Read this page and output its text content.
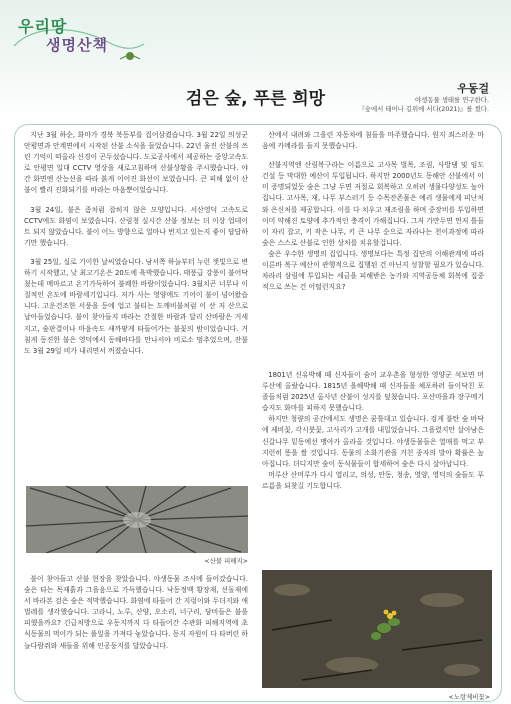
우리땅
생명산책
검은 숲, 푸른 희망
우동걸
야생동물 생태를 연구한다.
『숲에서 태어나 길위에 서다(2021)』를 썼다.

지난 3월 하순, 화마가 경북 북동부를 집어삼켰습니다. 3월 22일 의성군 안평면과 안계면에서 시작된 산불 소식을 들었습니다. 22년 울진 산불의 쓰린 기억이 떠올라 신경이 곤두섰습니다. 도로공사에서 제공하는 중앙고속도로 안평면 일대 CCTV 영상을 새로고침하며 산불상황을 주시했습니다. 야간 화면엔 산능선을 따라 붉게 이어진 화선이 보였습니다. 큰 피해 없이 산불이 빨리 진화되기를 바라는 마음뿐이었습니다.

3월 24일, 불은 좀처럼 잡히지 않은 모양입니다. 서산영덕 고속도로 CCTV에도 화염이 보였습니다. 산림청 실시간 산불 정보는 더 이상 업데이트 되지 않았습니다. 불이 어느 방향으로 얼마나 번지고 있는지 좋이 답답하기만 했습니다.

3월 25일, 실로 기이한 날씨였습니다. 남서쪽 하늘부터 누런 잿빛으로 변하기 시작했고, 낮 최고기온은 20도에 육박했습니다. 태풍급 강풍이 불어닥쳤는데 메마르고 온기가득하여 불쾌한 바람이었습니다. 3월치곤 너무나 이질적인 온도에 바람세기입니다. 저가 사는 영양에도 기어이 불이 넘어왔습니다. 고운건조한 서풍을 등에 업고 불티는 도깨비불처럼 이 산 저 산으로 날아들었습니다. 불이 찾아들지 바라는 간절한 바람과 달리 산바람은 거세지고, 숲판결이나 마음속도 새까맣게 타들어가는 불꽃의 밤이었습니다. 거침게 동진한 불은 영덕에서 동해바다를 만나서야 비로소 멈추었으며, 잔불도 3월 29일 비가 내리면서 꺼졌습니다.

<산불 피해지>

불이 찾아들고 산불 현장을 찾았습니다. 야생동물 조사에 들어갔습니다. 숲은 타는 목재흙과 그을음으로 가득했습니다. 낙동정맥 황장재, 선돌재에서 바라본 검은 숲은 적막했습니다. 화염에 타들어 간 지렁이와 두더지와 애벌레를 생각했습니다. 고라니, 노루, 산양, 오소리, 너구리, 담비들은 불을 피했을까요? 긴급처방으로 우동지까지 다 타들어간 수관화 피해지역에 초식동물의 먹이가 되는 풀잎을 가져다 놓았습니다. 동지 자원이 다 타버린 하늘다람쥐와 새들을 위해 인공둥지를 달았습니다.

산에서 내려와 그을린 자동차에 침들을 마주했습니다. 원지 죄스러운 마음에 카메라를 들지 못했습니다.

산불지역엔 산림복구라는 이름으로 고사목 벌목, 조림, 사방댐 및 임도 건설 등 막대한 예산이 투입됩니다. 하지만 2000년도 동해안 산불에서 이미 증명되었듯 숲은 그냥 두면 저절로 회복하고 오히려 생물다양성도 높아집니다. 고사목, 재, 나무 부스러기 등 수목잔존물은 예리 생물에게 피난처와 은신처를 제공합니다. 이를 다 치우고 재조림을 하며 중장비를 투입하면 이미 약해진 토양에 추가적인 충격이 가해집니다. 그저 가만두면 먼저 틀들이 자리 잡고, 키 작은 나무, 키 큰 나무 순으로 자라나는 천이과정에 따라 숲은 스스로 산불로 인한 상처를 치유할겁니다.

숲은 우수한 생명의 집입니다. 생명보다는 특정 집단의 이해관계에 따라 이른바 복구 예산이 관행적으로 집행된 건 아닌지 성찰할 필요가 있습니다. 차라리 삼림에 투입되는 세금을 피해받은 농가와 지역공동체 회복에 집중적으로 쓰는 건 어떨런지요?

1801년 신유박해 때 신자들이 숨어 교우촌을 형성한 영양군 석보면 머루산에 올랐습니다. 1815년 을해박해 때 신자들을 체포하러 들이닥친 포졸들처럼 2025년 올사년 산불이 성지를 덮쳤습니다. 포산마을과 장구메기 습지도 화마를 피하지 못했습니다.

하지만 청량의 공간에서도 생명은 꿈틀대고 있습니다. 검게 불탄 숲 바닥에 제비꽃, 각시붓꽃, 고사리가 고개를 내밀었습니다. 그을렸지만 살아남은 신갈나무 밑동에선 맹아가 올라올 것입니다. 야생동물들은 열매를 먹고 부지런히 똥을 쌀 것입니다. 동물의 소화기관을 거친 종자의 발아 확률은 높아집니다. 더디지만 숲이 동식물들이 합세하여 숲은 다시 살아납니다.

머루산 산머루가 다시 열리고, 의성, 안동, 청송, 영양, 영덕의 숲들도 푸르름을 되찾길 기도합니다.

<노랑제비꽃>
